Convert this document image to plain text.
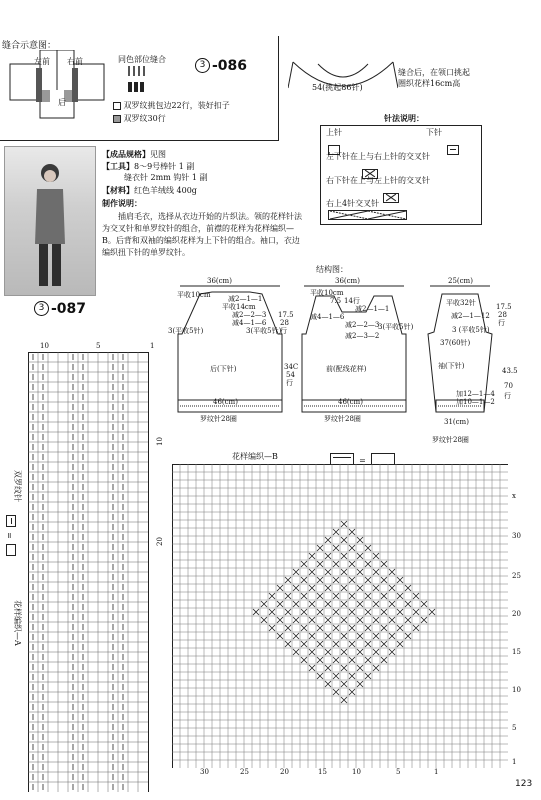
缝合示意图：
左前 右前
后
同色部位缝合
3 -086
双罗纹挑包边22行，装好扣子
双罗纹30行
54(挑起86针)
缝合后，在领口挑起
圈织花样16cm高
针法说明：
上针
	下针

左下针在上与右上针的交叉针

右下针在上与左上针的交叉针
右上4针交叉针
3 -087
【成品规格】见图
【工具】8～9号棒针 1 副
缝衣针 2mm 钩针 1 副
【材料】红色羊绒线 400g
制作说明：
插肩毛衣，选择从衣边开始的片织法。领的花样针法为交叉针和单罗纹针的组合，前襟的花样为花样编织—B。后背和双袖的编织花样为上下针的组合。袖口，衣边编织扭下针的单罗纹针。
结构图：
36(cm)
平收10cm	减2—1—1
平收14cm
减2—2—3
减4—1—6
17.5
28
行
3(平收5针)	3(平收5针)
后(下针)	34C
54
行
46(cm)
罗纹针28圈
36(cm)
平收10cm
7.5 14行
减2—1—1
减4—1—6
减2—2—3
减2—3—2
3(平收5针)
前(配线花样)
46(cm)
罗纹针28圈
25(cm)
平收32针
减2—1—12
17.5
28
行
3 (平收5针)
37(60针)
袖(下针)
43.5
70
行
加12—1—4
加10—1—2
31(cm)
罗纹针28圈
1
5
10
10
20
双罗纹针
=
花样编织—A
花样编织—B	=
x
30
25
20
15
10
5
1
30	25	20	15	10	5	1
123
